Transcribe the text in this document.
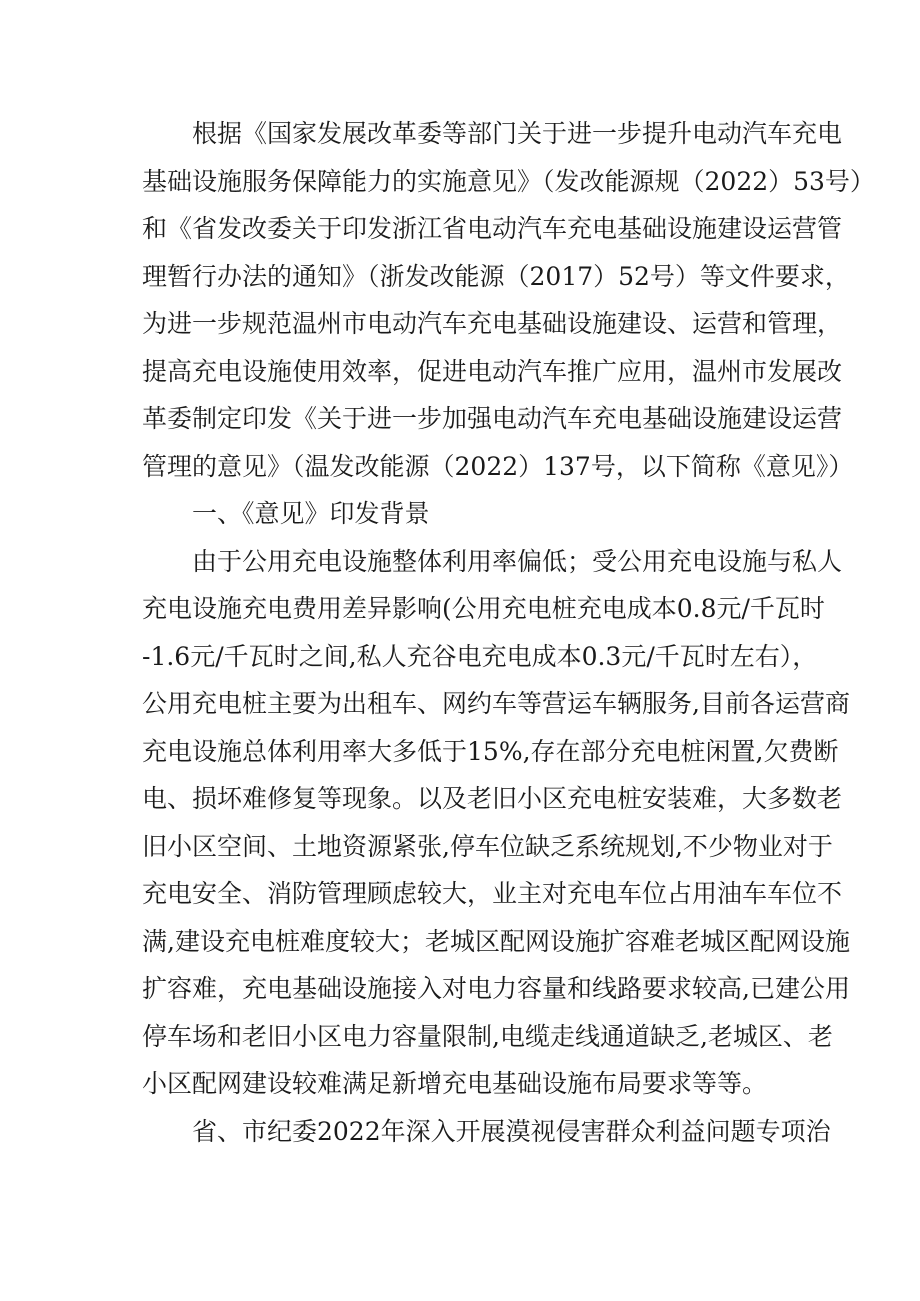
根据《国家发展改革委等部门关于进一步提升电动汽车充电
基础设施服务保障能力的实施意见》（发改能源规（2022）53号）
和《省发改委关于印发浙江省电动汽车充电基础设施建设运营管
理暂行办法的通知》（浙发改能源（2017）52号）等文件要求，
为进一步规范温州市电动汽车充电基础设施建设、运营和管理，
提高充电设施使用效率，促进电动汽车推广应用，温州市发展改
革委制定印发《关于进一步加强电动汽车充电基础设施建设运营
管理的意见》（温发改能源（2022）137号，以下简称《意见》）
一、《意见》印发背景
由于公用充电设施整体利用率偏低；受公用充电设施与私人
充电设施充电费用差异影响(公用充电桩充电成本0.8元/千瓦时
-1.6元/千瓦时之间,私人充谷电充电成本0.3元/千瓦时左右），
公用充电桩主要为出租车、网约车等营运车辆服务,目前各运营商
充电设施总体利用率大多低于15%,存在部分充电桩闲置,欠费断
电、损坏难修复等现象。以及老旧小区充电桩安装难，大多数老
旧小区空间、土地资源紧张,停车位缺乏系统规划,不少物业对于
充电安全、消防管理顾虑较大，业主对充电车位占用油车车位不
满,建设充电桩难度较大；老城区配网设施扩容难老城区配网设施
扩容难，充电基础设施接入对电力容量和线路要求较高,已建公用
停车场和老旧小区电力容量限制,电缆走线通道缺乏,老城区、老
小区配网建设较难满足新增充电基础设施布局要求等等。
省、市纪委2022年深入开展漠视侵害群众利益问题专项治
